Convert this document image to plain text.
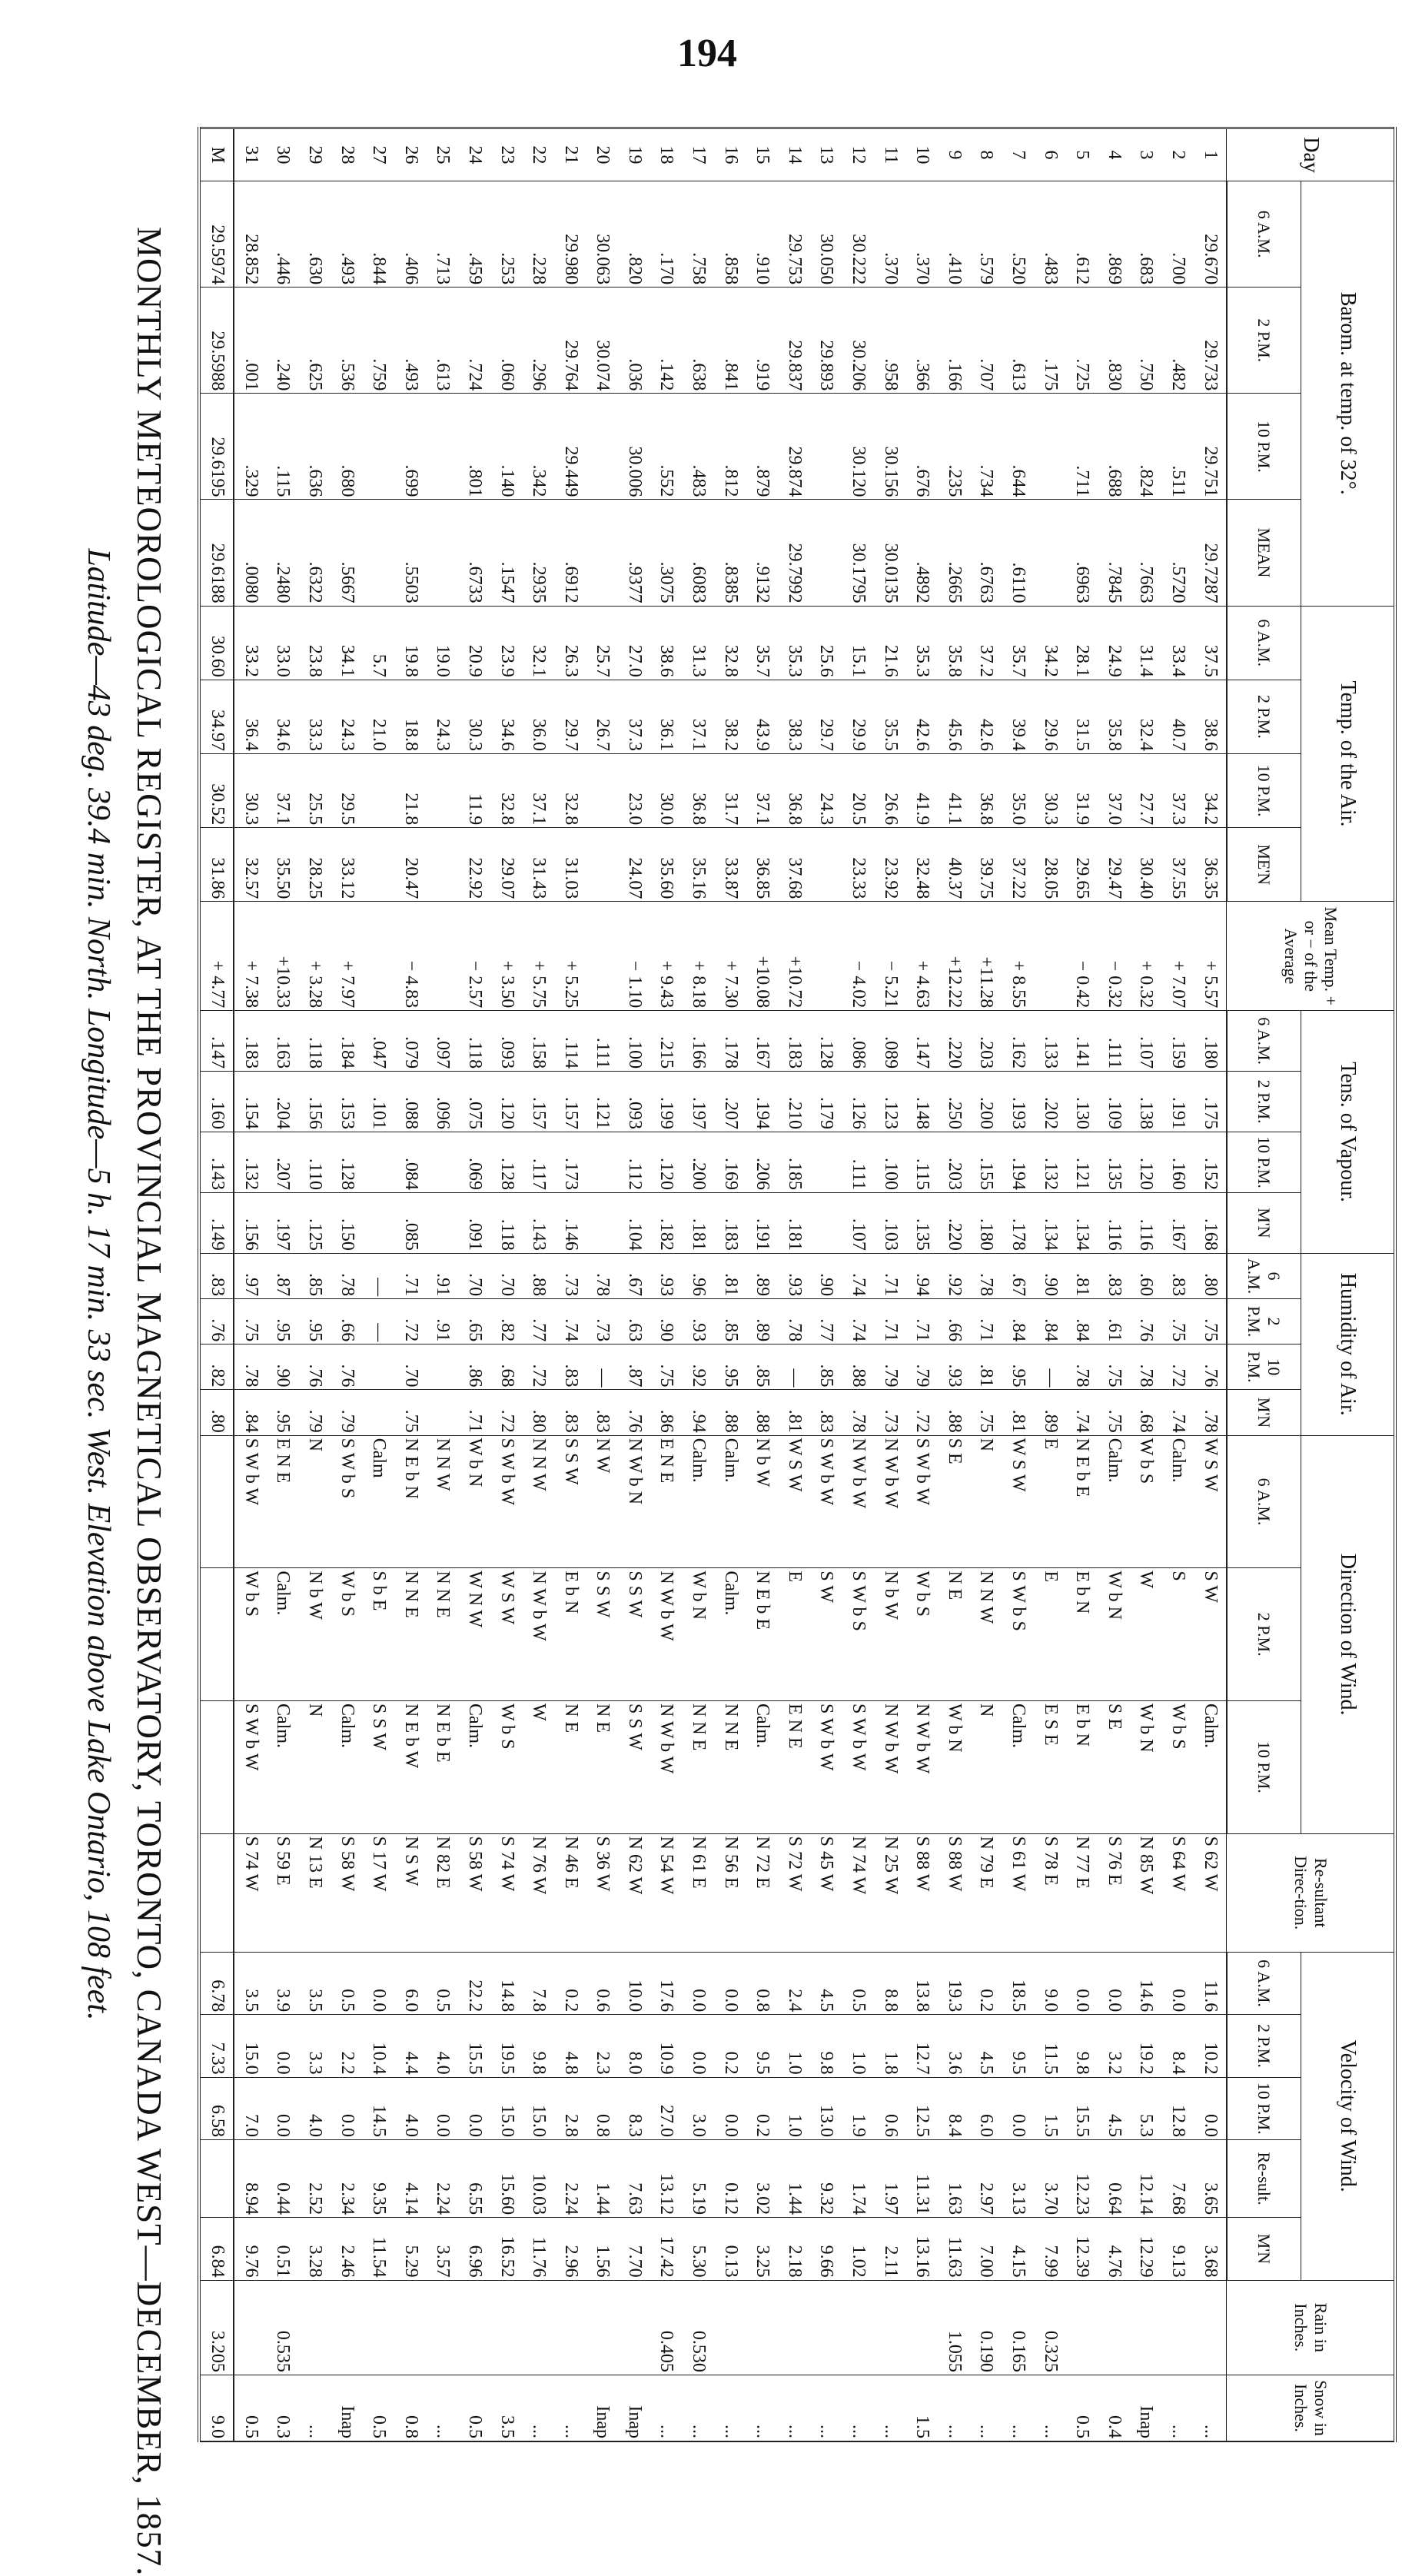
194
Day	Barom. at temp. of 32°.				Temp. of the Air.				Mean Temp. + or − of the Average	Tens. of Vapour.				Humidity of Air.				Direction of Wind.			Re-sultant Direc-tion.	Velocity of Wind.					Rain in Inches.	Snow in Inches.
	6 A.M.	2 P.M.	10 P.M.	MEAN	6 A.M.	2 P.M.	10 P.M.	ME'N		6 A.M.	2 P.M.	10 P.M.	M'N	6 A.M.	2 P.M.	10 P.M.	M'N	6 A.M.	2 P.M.	10 P.M.		6 A.M.	2 P.M.	10 P.M.	Re-sult.	M'N		
1	29.670	29.733	29.751	29.7287	37.5	38.6	34.2	36.35	+ 5.57	.180	.175	.152	.168	.80	.75	.76	.78	W S W	S W	Calm.	S 62 W	11.6	10.2	0.0	3.65	3.68		...
2	.700	.482	.511	.5720	33.4	40.7	37.3	37.55	+ 7.07	.159	.191	.160	.167	.83	.75	.72	.74	Calm.	S	W b S	S 64 W	0.0	8.4	12.8	7.68	9.13		...
3	.683	.750	.824	.7663	31.4	32.4	27.7	30.40	+ 0.32	.107	.138	.120	.116	.60	.76	.78	.68	W b S	W	W b N	N 85 W	14.6	19.2	5.3	12.14	12.29		Inap
4	.869	.830	.688	.7845	24.9	35.8	37.0	29.47	− 0.32	.111	.109	.135	.116	.83	.61	.75	.75	Calm.	W b N	S E	S 76 E	0.0	3.2	4.5	0.64	4.76		0.4
5	.612	.725	.711	.6963	28.1	31.5	31.9	29.65	− 0.42	.141	.130	.121	.134	.81	.84	.78	.74	N E b E	E b N	E b N	N 77 E	0.0	9.8	15.5	12.23	12.39		0.5
6	.483	.175			34.2	29.6	30.3	28.05		.133	.202	.132	.134	.90	.84	—	.89	E	E	E S E	S 78 E	9.0	11.5	1.5	3.70	7.99	0.325	...
7	.520	.613	.644	.6110	35.7	39.4	35.0	37.22	+ 8.55	.162	.193	.194	.178	.67	.84	.95	.81	W S W	S W b S	Calm.	S 61 W	18.5	9.5	0.0	3.13	4.15	0.165	...
8	.579	.707	.734	.6763	37.2	42.6	36.8	39.75	+11.28	.203	.200	.155	.180	.78	.71	.81	.75	N	N N W	N	N 79 E	0.2	4.5	6.0	2.97	7.00	0.190	...
9	.410	.166	.235	.2665	35.8	45.6	41.1	40.37	+12.22	.220	.250	.203	.220	.92	.66	.93	.88	S E	N E	W b N	S 88 W	19.3	3.6	8.4	1.63	11.63	1.055	...
10	.370	.366	.676	.4892	35.3	42.6	41.9	32.48	+ 4.63	.147	.148	.115	.135	.94	.71	.79	.72	S W b W	W b S	N W b W	S 88 W	13.8	12.7	12.5	11.31	13.16		1.5
11	.370	.958	30.156	30.0135	21.6	35.5	26.6	23.92	− 5.21	.089	.123	.100	.103	.71	.71	.79	.73	N W b W	N b W	N W b W	N 25 W	8.8	1.8	0.6	1.97	2.11		...
12	30.222	30.206	30.120	30.1795	15.1	29.9	20.5	23.33	− 4.02	.086	.126	.111	.107	.74	.74	.88	.78	N W b W	S W b S	S W b W	N 74 W	0.5	1.0	1.9	1.74	1.02		...
13	30.050	29.893			25.6	29.7	24.3			.128	.179			.90	.77	.85	.83	S W b W	S W	S W b W	S 45 W	4.5	9.8	13.0	9.32	9.66		...
14	29.753	29.837	29.874	29.7992	35.3	38.3	36.8	37.68	+10.72	.183	.210	.185	.181	.93	.78	—	.81	W S W	E	E N E	S 72 W	2.4	1.0	1.0	1.44	2.18		...
15	.910	.919	.879	.9132	35.7	43.9	37.1	36.85	+10.08	.167	.194	.206	.191	.89	.89	.85	.88	N b W	N E b E	Calm.	N 72 E	0.8	9.5	0.2	3.02	3.25		...
16	.858	.841	.812	.8385	32.8	38.2	31.7	33.87	+ 7.30	.178	.207	.169	.183	.81	.85	.95	.88	Calm.	Calm.	N N E	N 56 E	0.0	0.2	0.0	0.12	0.13		...
17	.758	.638	.483	.6083	31.3	37.1	36.8	35.16	+ 8.18	.166	.197	.200	.181	.96	.93	.92	.94	Calm.	W b N	N N E	N 61 E	0.0	0.0	3.0	5.19	5.30	0.530	...
18	.170	.142	.552	.3075	38.6	36.1	30.0	35.60	+ 9.43	.215	.199	.120	.182	.93	.90	.75	.86	E N E	N W b W	N W b W	N 54 W	17.6	10.9	27.0	13.12	17.42	0.405	...
19	.820	.036	30.006	.9377	27.0	37.3	23.0	24.07	− 1.10	.100	.093	.112	.104	.67	.63	.87	.76	N W b N	S S W	S S W	N 62 W	10.0	8.0	8.3	7.63	7.70		Inap
20	30.063	30.074			25.7	26.7				.111	.121			.78	.73	—	.83	N W	S S W	N E	S 36 W	0.6	2.3	0.8	1.44	1.56		Inap
21	29.980	29.764	29.449	.6912	26.3	29.7	32.8	31.03	+ 5.25	.114	.157	.173	.146	.73	.74	.83	.83	S S W	E b N	N E	N 46 E	0.2	4.8	2.8	2.24	2.96		...
22	.228	.296	.342	.2935	32.1	36.0	37.1	31.43	+ 5.75	.158	.157	.117	.143	.88	.77	.72	.80	N N W	N W b W	W	N 76 W	7.8	9.8	15.0	10.03	11.76		...
23	.253	.060	.140	.1547	23.9	34.6	32.8	29.07	+ 3.50	.093	.120	.128	.118	.70	.82	.68	.72	S W b W	W S W	W b S	S 74 W	14.8	19.5	15.0	15.60	16.52		3.5
24	.459	.724	.801	.6733	20.9	30.3	11.9	22.92	− 2.57	.118	.075	.069	.091	.70	.65	.86	.71	W b N	W N W	Calm.	S 58 W	22.2	15.5	0.0	6.55	6.96		0.5
25	.713	.613			19.0	24.3				.097	.096			.91	.91			N N W	N N E	N E b E	N 82 E	0.5	4.0	0.0	2.24	3.57		...
26	.406	.493	.699	.5503	19.8	18.8	21.8	20.47	− 4.83	.079	.088	.084	.085	.71	.72	.70	.75	N E b N	N N E	N E b W	N S W	6.0	4.4	4.0	4.14	5.29		0.8
27	.844	.759			5.7	21.0				.047	.101			—	—			Calm	S b E	S S W	S 17 W	0.0	10.4	14.5	9.35	11.54		0.5
28	.493	.536	.680	.5667	34.1	24.3	29.5	33.12	+ 7.97	.184	.153	.128	.150	.78	.66	.76	.79	S W b S	W b S	Calm.	S 58 W	0.5	2.2	0.0	2.34	2.46		Inap
29	.630	.625	.636	.6322	23.8	33.3	25.5	28.25	+ 3.28	.118	.156	.110	.125	.85	.95	.76	.79	N	N b W	N	N 13 E	3.5	3.3	4.0	2.52	3.28		...
30	.446	.240	.115	.2480	33.0	34.6	37.1	35.50	+10.33	.163	.204	.207	.197	.87	.95	.90	.95	E N E	Calm.	Calm.	S 59 E	3.9	0.0	0.0	0.44	0.51	0.535	0.3
31	28.852	.001	.329	.0080	33.2	36.4	30.3	32.57	+ 7.38	.183	.154	.132	.156	.97	.75	.78	.84	S W b W	W b S	S W b W	S 74 W	3.5	15.0	7.0	8.94	9.76		0.5
M	29.5974	29.5988	29.6195	29.6188	30.60	34.97	30.52	31.86	+ 4.77	.147	.160	.143	.149	.83	.76	.82	.80					6.78	7.33	6.58		6.84	3.205	9.0
MONTHLY METEOROLOGICAL REGISTER, AT THE PROVINCIAL MAGNETICAL OBSERVATORY, TORONTO, CANADA WEST—DECEMBER, 1857.
Latitude—43 deg. 39.4 min. North. Longitude—5 h. 17 min. 33 sec. West. Elevation above Lake Ontario, 108 feet.
